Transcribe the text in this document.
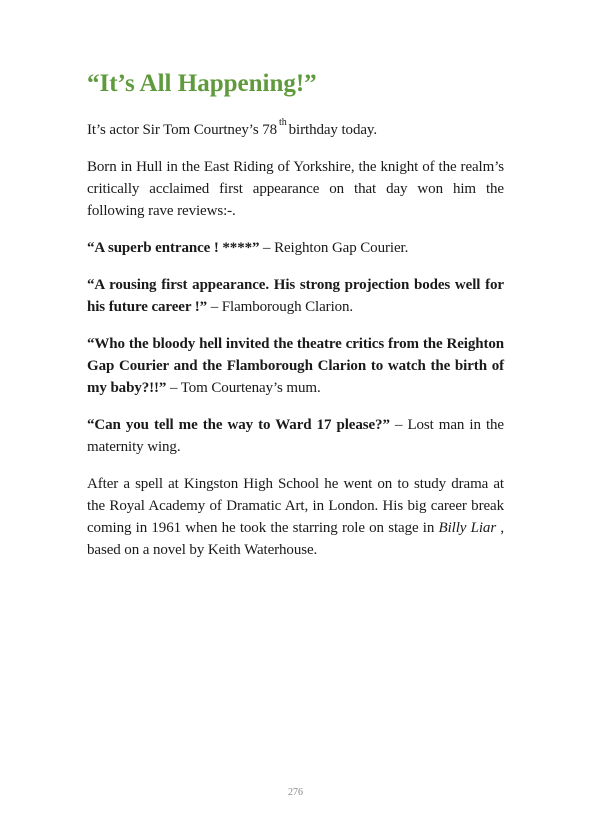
“It’s All Happening!”

It’s actor Sir Tom Courtney’s 78 $^{th}$ birthday today.

Born in Hull in the East Riding of Yorkshire, the knight of the realm’s critically acclaimed first appearance on that day won him the following rave reviews:-.

“A superb entrance ! ****” – Reighton Gap Courier.

“A rousing first appearance. His strong projection bodes well for his future career !” – Flamborough Clarion.

“Who the bloody hell invited the theatre critics from the Reighton Gap Courier and the Flamborough Clarion to watch the birth of my baby?!!” – Tom Courtenay’s mum.

“Can you tell me the way to Ward 17 please?” – Lost man in the maternity wing.

After a spell at Kingston High School he went on to study drama at the Royal Academy of Dramatic Art, in London. His big career break coming in 1961 when he took the starring role on stage in Billy Liar , based on a novel by Keith Waterhouse.

276
